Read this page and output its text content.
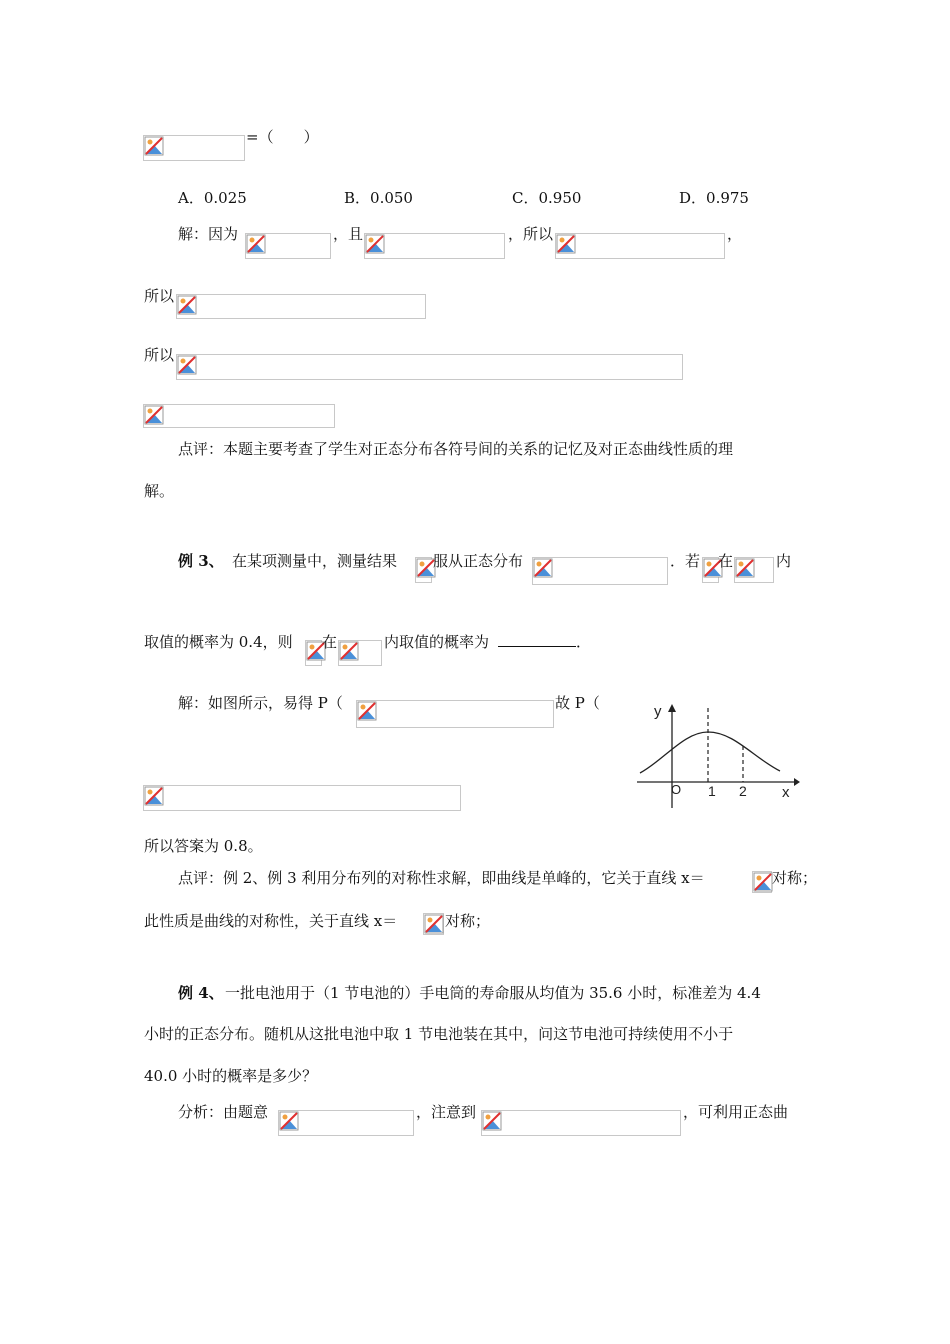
=（　　）
A．0.025	B．0.050	C．0.950	D．0.975
解：因为	，且	，所以	，
所以
所以
点评：本题主要考查了学生对正态分布各符号间的关系的记忆及对正态曲线性质的理
解。
例 3、 在某项测量中，测量结果 服从正态分布	．若 在	内
取值的概率为 0.4，则 在	内取值的概率为	．
解：如图所示，易得 P（	故 P（	y
x
O 1 2
所以答案为 0.8。
点评：例 2、例 3 利用分布列的对称性求解，即曲线是单峰的，它关于直线 x＝	对称；
此性质是曲线的对称性，关于直线 x＝	对称；
例 4、 一批电池用于（1 节电池的）手电筒的寿命服从均值为 35.6 小时，标准差为 4.4
小时的正态分布。随机从这批电池中取 1 节电池装在其中，问这节电池可持续使用不小于
40.0 小时的概率是多少？
分析：由题意	，注意到	，可利用正态曲
